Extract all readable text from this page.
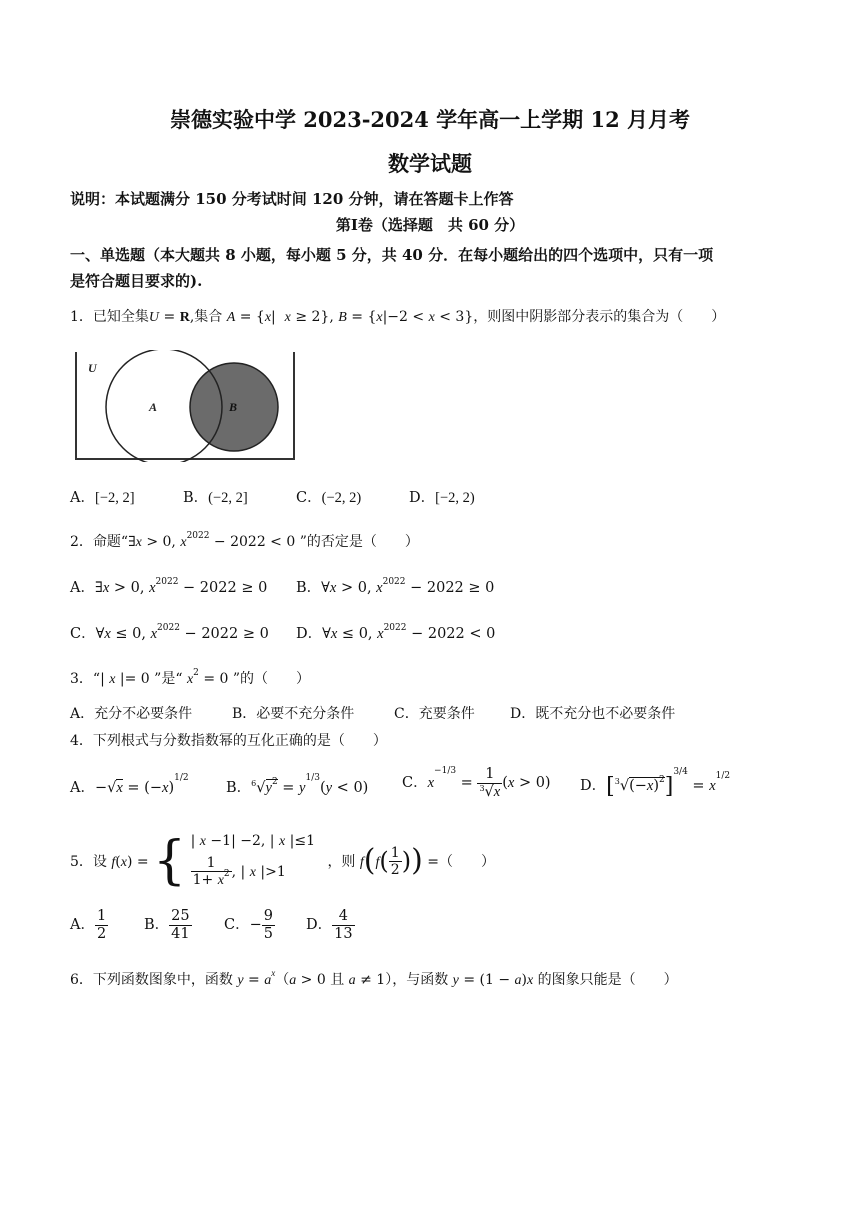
崇德实验中学 2023-2024 学年高一上学期 12 月月考
数学试题
说明：本试题满分 150 分考试时间 120 分钟，请在答题卡上作答
第Ⅰ卷（选择题　共 60 分）
一、单选题（本大题共 8 小题，每小题 5 分，共 40 分．在每小题给出的四个选项中，只有一项
是符合题目要求的).
1．已知全集U = R,集合 A = {x|  x ≥ 2}, B = {x|−2 < x < 3}，则图中阴影部分表示的集合为（　　）
U
A	B
A．[−2, 2]	B．(−2, 2]	C．(−2, 2)	D．[−2, 2)
2．命题“∃x > 0, $x^{2022} - 2022 < 0$ ”的否定是（　　）
A．∃x > 0, $x^{2022} - 2022 \ge 0$ B．∀x > 0, $x^{2022} - 2022 \ge 0$
C．∀x ≤ 0, $x^{2022} - 2022 \ge 0$ D．∀x ≤ 0, $x^{2022} - 2022 < 0$
3．“| x |= 0 ”是“ $x^2 = 0$ ”的（　　）
A．充分不必要条件	B．必要不充分条件	C．充要条件	D．既不充分也不必要条件
4．下列根式与分数指数幂的互化正确的是（　　）
A．$-√x = (-x)^{1/2}$
B．$^6√y^2 = y^{1/3}(y < 0)$ C．$x^{-1/3} = \frac{1}{^3√x} (x > 0)$ D．$[^3√(-x)^2]^{3/4} = x^{1/2}$
5．设 f(x) = { | x −1| −2, | x |≤1
$\frac{1}{1+ x^2}$ , | x |>1
，则 $f(f( \frac{1}{2}$ )) =（　　）
A． $\frac{1}{2}$ B． $\frac{25}{41}$ C．− $\frac{9}{5}$ D． $\frac{4}{13}$
6．下列函数图象中，函数 $y = a^x(a > 0$ 且 a ≠ 1），与函数 y = (1 − a)x 的图象只能是（　　）
